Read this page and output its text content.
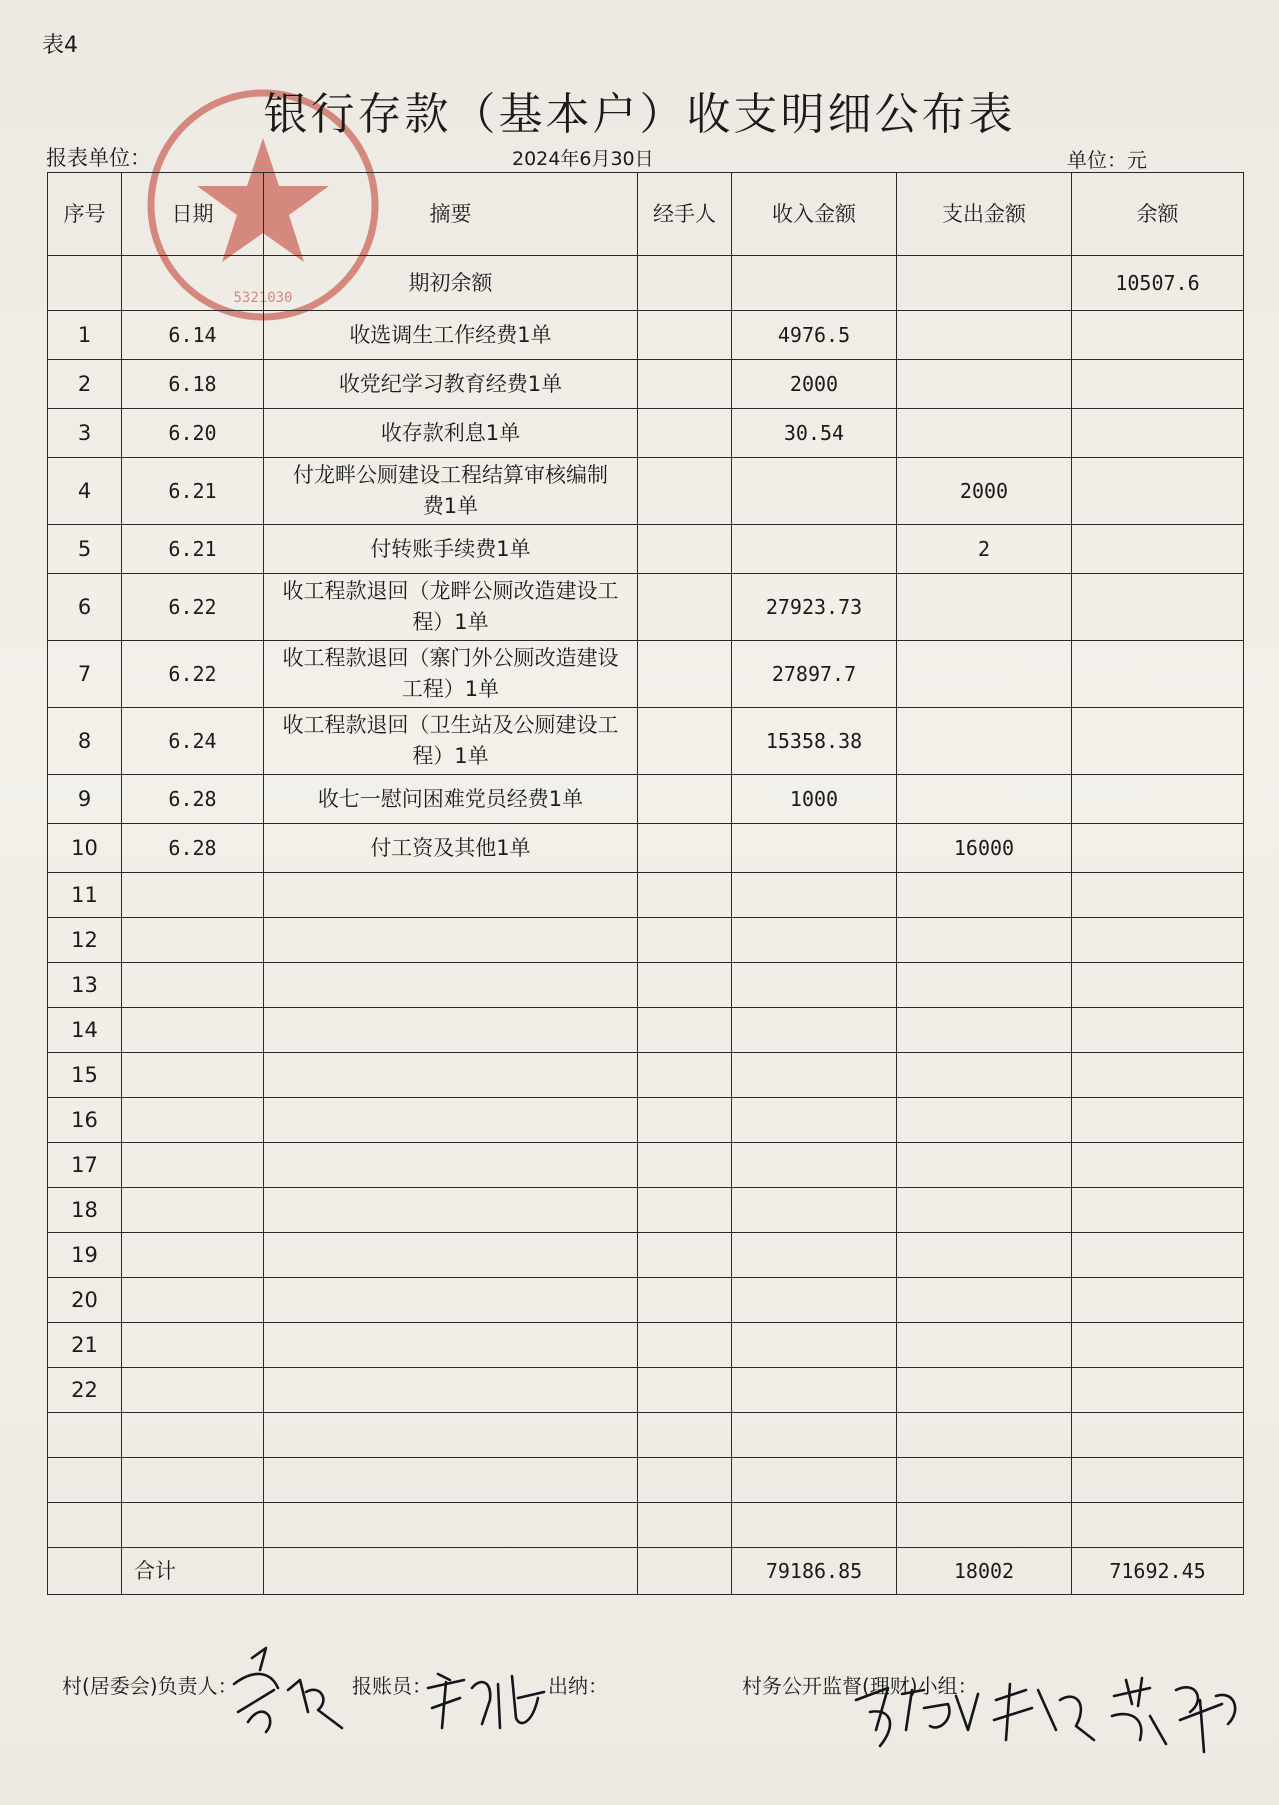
5321030
表4
银行存款（基本户）收支明细公布表
报表单位：	2024年6月30日	单位：元
序号	日期	摘要	经手人	收入金额	支出金额	余额
		期初余额				10507.6
1	6.14	收选调生工作经费1单		4976.5		
2	6.18	收党纪学习教育经费1单		2000		
3	6.20	收存款利息1单		30.54		
4	6.21	付龙畔公厕建设工程结算审核编制
费1单			2000	
5	6.21	付转账手续费1单			2	
6	6.22	收工程款退回（龙畔公厕改造建设工
程）1单		27923.73		
7	6.22	收工程款退回（寨门外公厕改造建设
工程）1单		27897.7		
8	6.24	收工程款退回（卫生站及公厕建设工
程）1单		15358.38		
9	6.28	收七一慰问困难党员经费1单		1000		
10	6.28	付工资及其他1单			16000	
11						
12						
13						
14						
15						
16						
17						
18						
19						
20						
21						
22						

	合计			79186.85	18002	71692.45
村(居委会)负责人：	报账员：	出纳：	村务公开监督(理财)小组：
